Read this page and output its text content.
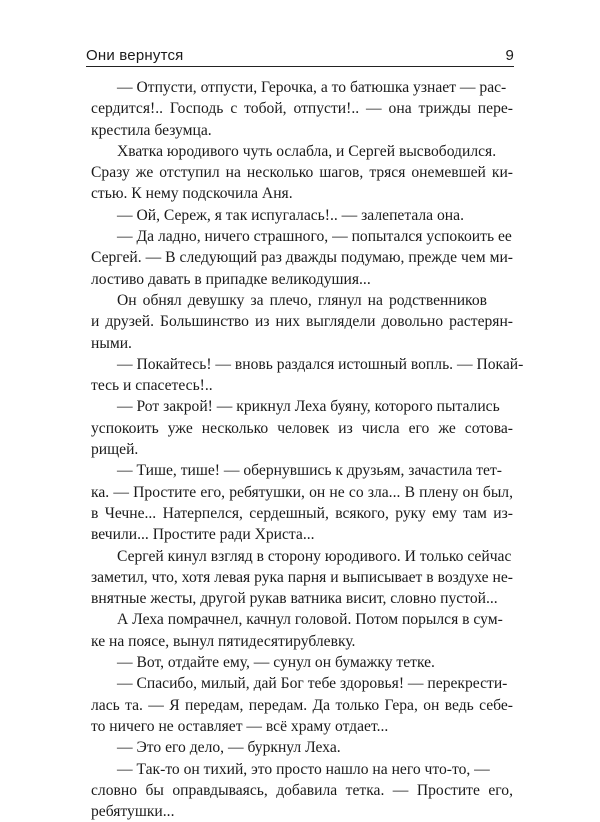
Они вернутся	9
— Отпусти, отпусти, Герочка, а то батюшка узнает — рас-
сердится!.. Господь с тобой, отпусти!.. — она трижды пере-
крестила безумца.
Хватка юродивого чуть ослабла, и Сергей высвободился.
Сразу же отступил на несколько шагов, тряся онемевшей ки-
стью. К нему подскочила Аня.
— Ой, Сереж, я так испугалась!.. — залепетала она.
— Да ладно, ничего страшного, — попытался успокоить ее
Сергей. — В следующий раз дважды подумаю, прежде чем ми-
лостиво давать в припадке великодушия...
Он обнял девушку за плечо, глянул на родственников
и друзей. Большинство из них выглядели довольно растерян-
ными.
— Покайтесь! — вновь раздался истошный вопль. — Покай-
тесь и спасетесь!..
— Рот закрой! — крикнул Леха буяну, которого пытались
успокоить уже несколько человек из числа его же сотова-
рищей.
— Тише, тише! — обернувшись к друзьям, зачастила тет-
ка. — Простите его, ребятушки, он не со зла... В плену он был,
в Чечне... Натерпелся, сердешный, всякого, руку ему там из-
вечили... Простите ради Христа...
Сергей кинул взгляд в сторону юродивого. И только сейчас
заметил, что, хотя левая рука парня и выписывает в воздухе не-
внятные жесты, другой рукав ватника висит, словно пустой...
А Леха помрачнел, качнул головой. Потом порылся в сум-
ке на поясе, вынул пятидесятирублевку.
— Вот, отдайте ему, — сунул он бумажку тетке.
— Спасибо, милый, дай Бог тебе здоровья! — перекрести-
лась та. — Я передам, передам. Да только Гера, он ведь себе-
то ничего не оставляет — всё храму отдает...
— Это его дело, — буркнул Леха.
— Так-то он тихий, это просто нашло на него что-то, —
словно бы оправдываясь, добавила тетка. — Простите его,
ребятушки...
